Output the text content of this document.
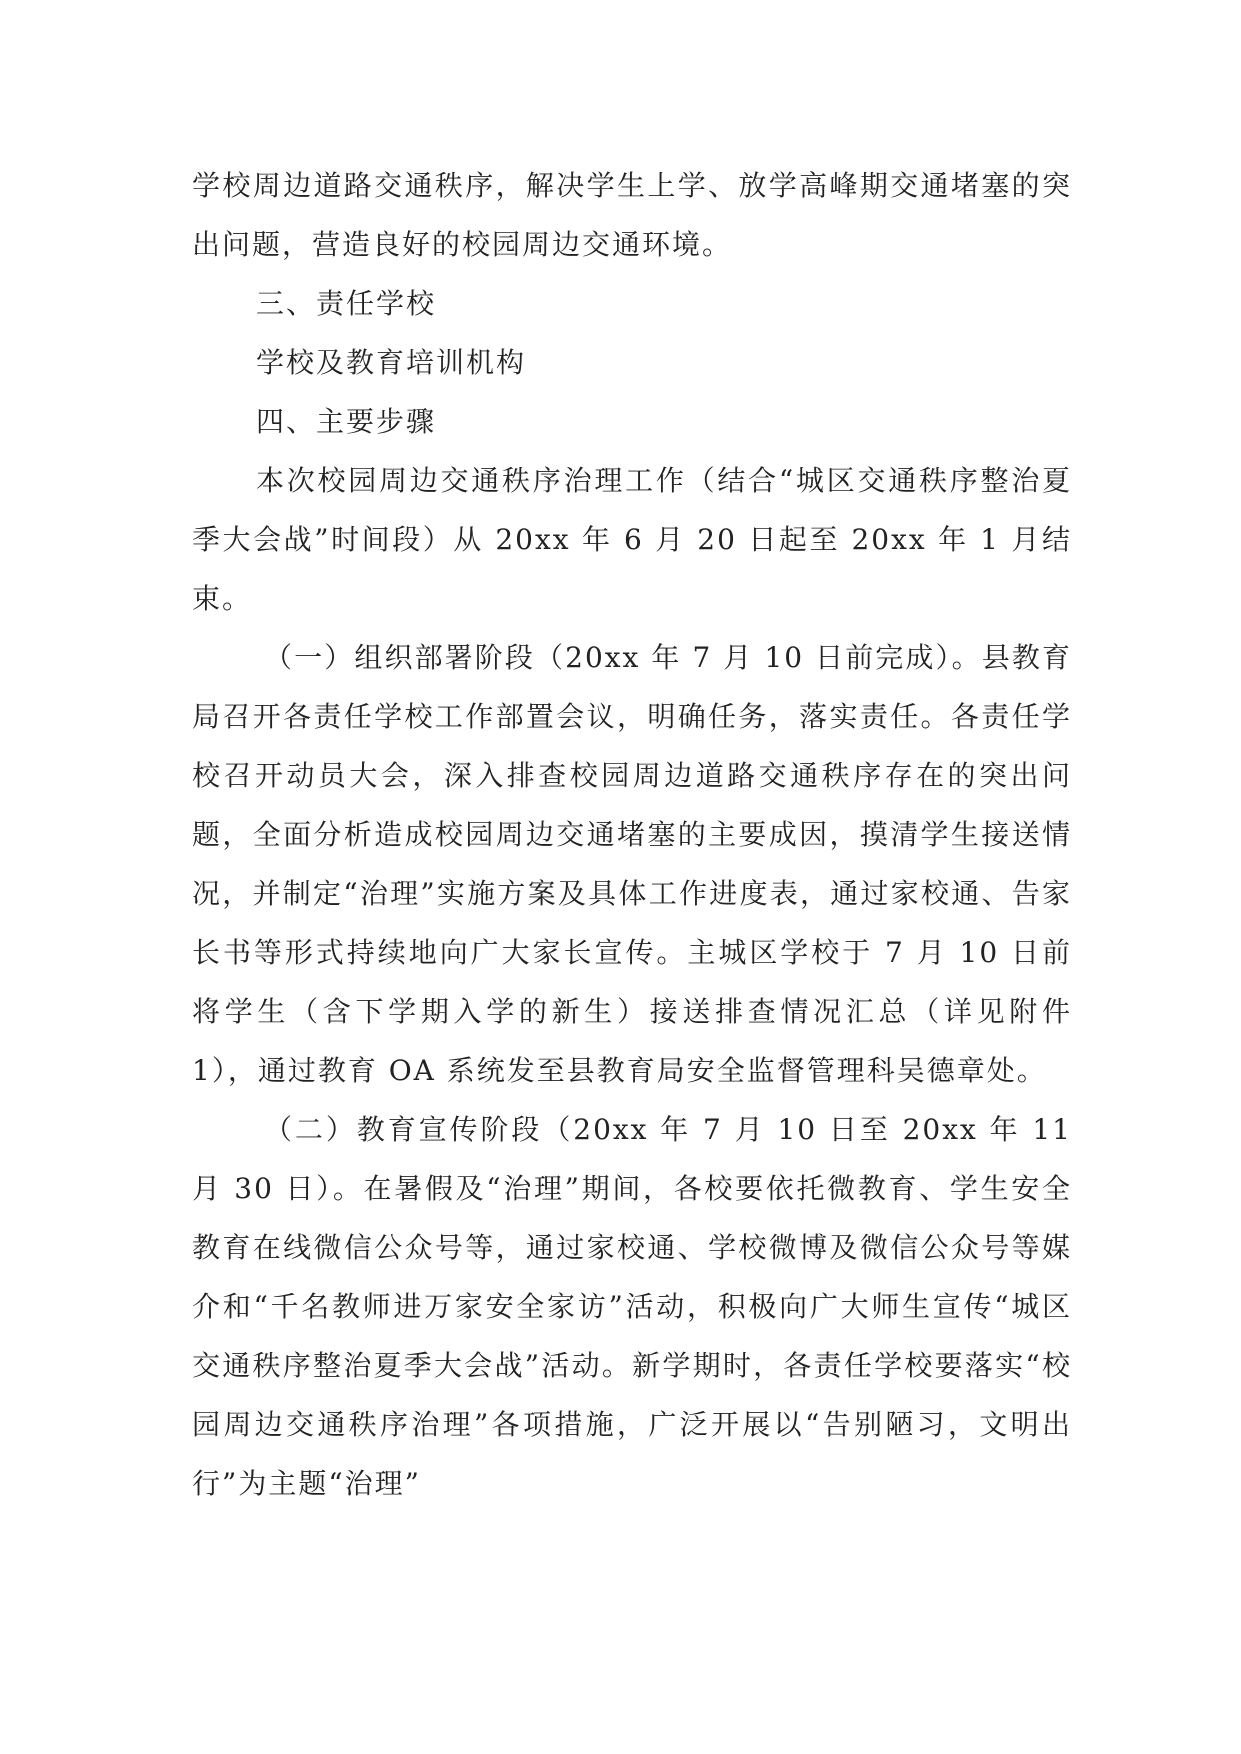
学校周边道路交通秩序，解决学生上学、放学高峰期交通堵塞的突出问题，营造良好的校园周边交通环境。

三、责任学校

学校及教育培训机构

四、主要步骤

本次校园周边交通秩序治理工作（结合“城区交通秩序整治夏季大会战”时间段）从 20xx 年 6 月 20 日起至 20xx 年 1 月结束。

（一）组织部署阶段（20xx 年 7 月 10 日前完成）。县教育局召开各责任学校工作部置会议，明确任务，落实责任。各责任学校召开动员大会，深入排查校园周边道路交通秩序存在的突出问题，全面分析造成校园周边交通堵塞的主要成因，摸清学生接送情况，并制定“治理”实施方案及具体工作进度表，通过家校通、告家长书等形式持续地向广大家长宣传。主城区学校于 7 月 10 日前将学生（含下学期入学的新生）接送排查情况汇总（详见附件 1），通过教育 OA 系统发至县教育局安全监督管理科吴德章处。

（二）教育宣传阶段（20xx 年 7 月 10 日至 20xx 年 11 月 30 日）。在暑假及“治理”期间，各校要依托微教育、学生安全教育在线微信公众号等，通过家校通、学校微博及微信公众号等媒介和“千名教师进万家安全家访”活动，积极向广大师生宣传“城区交通秩序整治夏季大会战”活动。新学期时，各责任学校要落实“校园周边交通秩序治理”各项措施，广泛开展以“告别陋习，文明出行”为主题“治理”
